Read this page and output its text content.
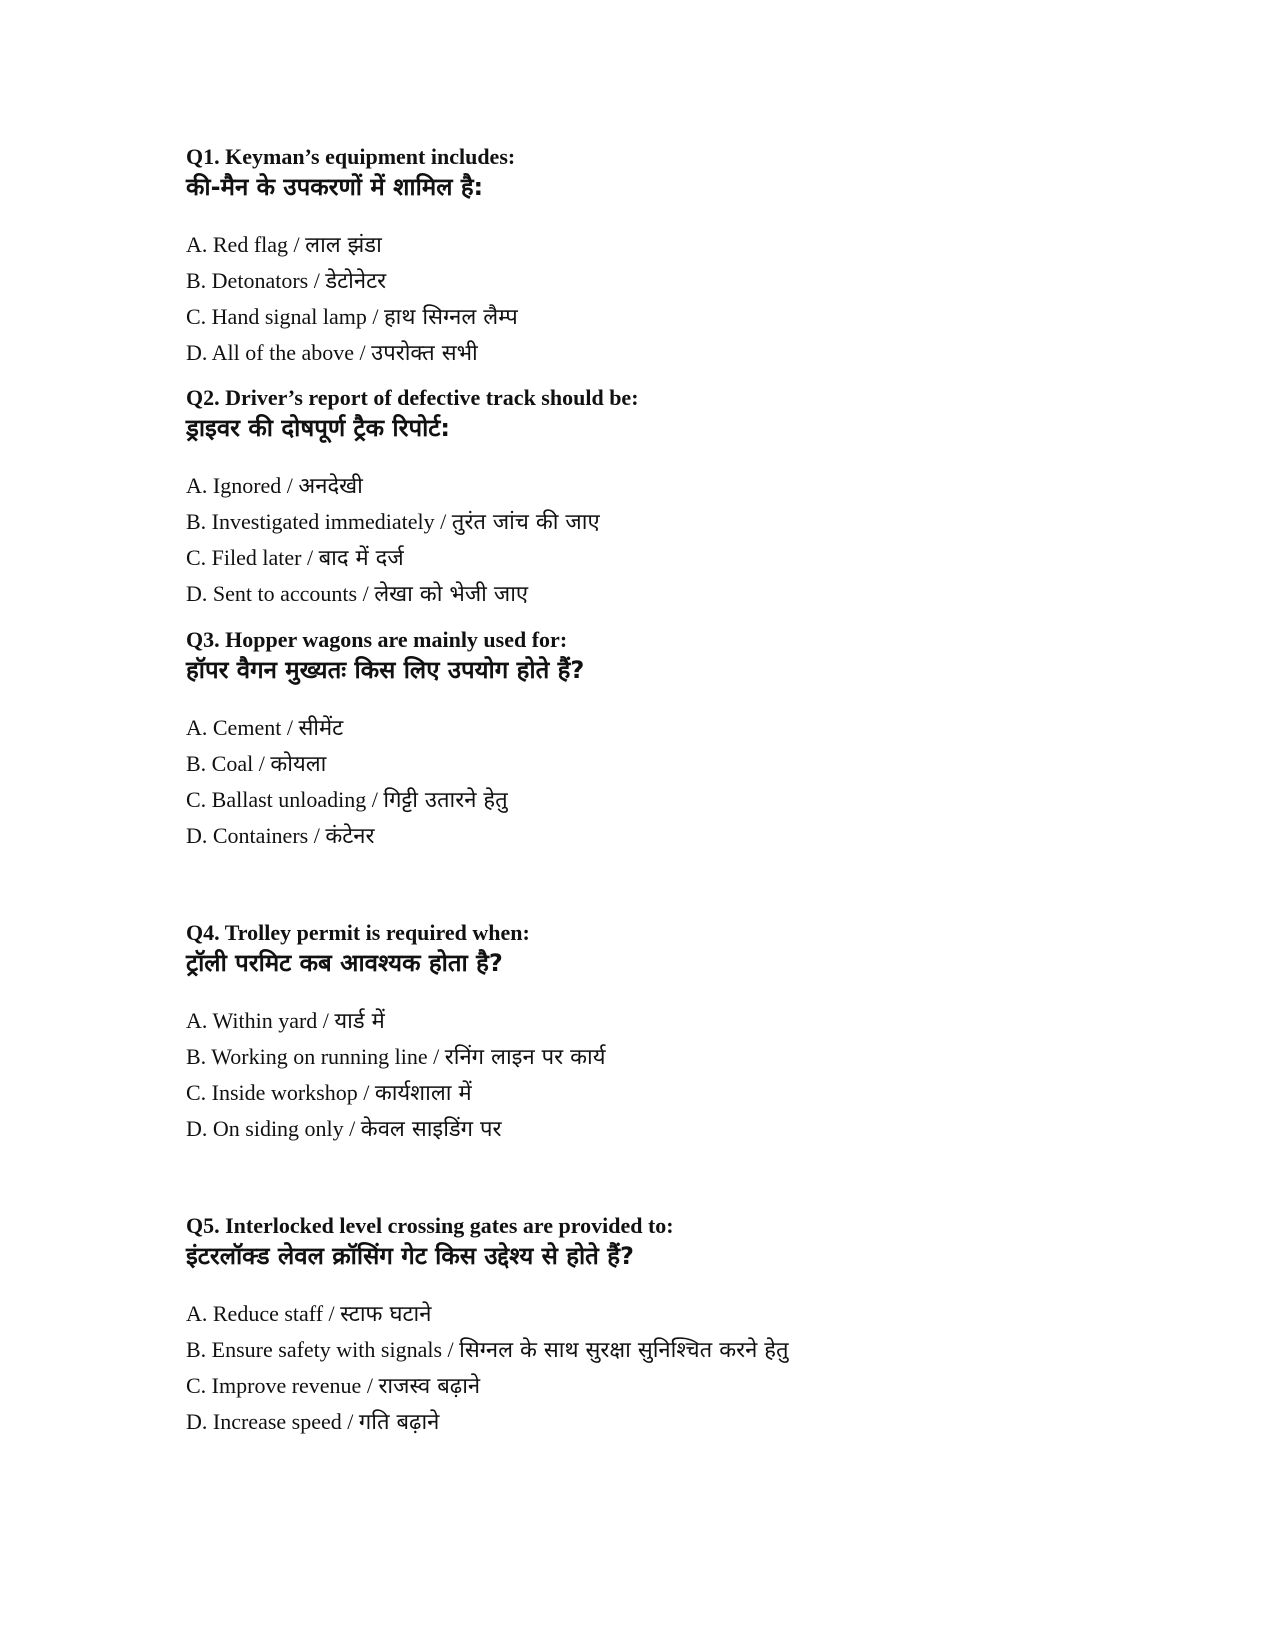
Q1. Keyman’s equipment includes:

की-मैन के उपकरणों में शामिल है:

A. Red flag / लाल झंडा
B. Detonators / डेटोनेटर
C. Hand signal lamp / हाथ सिग्नल लैम्प
D. All of the above / उपरोक्त सभी

Q2. Driver’s report of defective track should be:

ड्राइवर की दोषपूर्ण ट्रैक रिपोर्ट:

A. Ignored / अनदेखी
B. Investigated immediately / तुरंत जांच की जाए
C. Filed later / बाद में दर्ज
D. Sent to accounts / लेखा को भेजी जाए

Q3. Hopper wagons are mainly used for:

हॉपर वैगन मुख्यतः किस लिए उपयोग होते हैं?

A. Cement / सीमेंट
B. Coal / कोयला
C. Ballast unloading / गिट्टी उतारने हेतु
D. Containers / कंटेनर

Q4. Trolley permit is required when:

ट्रॉली परमिट कब आवश्यक होता है?

A. Within yard / यार्ड में
B. Working on running line / रनिंग लाइन पर कार्य
C. Inside workshop / कार्यशाला में
D. On siding only / केवल साइडिंग पर

Q5. Interlocked level crossing gates are provided to:

इंटरलॉक्ड लेवल क्रॉसिंग गेट किस उद्देश्य से होते हैं?

A. Reduce staff / स्टाफ घटाने
B. Ensure safety with signals / सिग्नल के साथ सुरक्षा सुनिश्चित करने हेतु
C. Improve revenue / राजस्व बढ़ाने
D. Increase speed / गति बढ़ाने
